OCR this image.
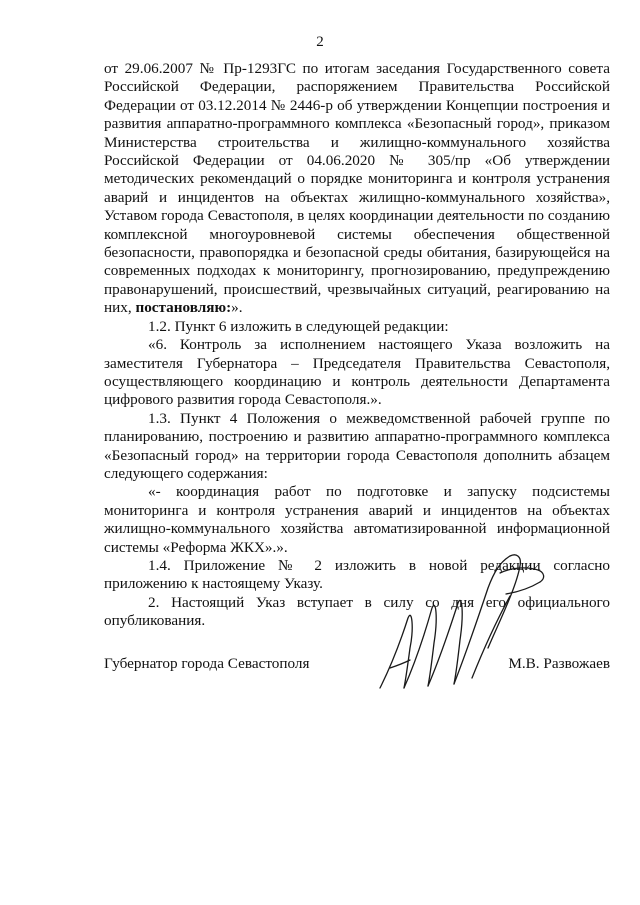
2

от 29.06.2007 № Пр-1293ГС по итогам заседания Государственного совета Российской Федерации, распоряжением Правительства Российской Федерации от 03.12.2014 № 2446-р об утверждении Концепции построения и развития аппаратно-программного комплекса «Безопасный город», приказом Министерства строительства и жилищно-коммунального хозяйства Российской Федерации от 04.06.2020 № 305/пр «Об утверждении методических рекомендаций о порядке мониторинга и контроля устранения аварий и инцидентов на объектах жилищно-коммунального хозяйства», Уставом города Севастополя, в целях координации деятельности по созданию комплексной многоуровневой системы обеспечения общественной безопасности, правопорядка и безопасной среды обитания, базирующейся на современных подходах к мониторингу, прогнозированию, предупреждению правонарушений, происшествий, чрезвычайных ситуаций, реагированию на них, постановляю:».

1.2. Пункт 6 изложить в следующей редакции:

«6. Контроль за исполнением настоящего Указа возложить на заместителя Губернатора – Председателя Правительства Севастополя, осуществляющего координацию и контроль деятельности Департамента цифрового развития города Севастополя.».

1.3. Пункт 4 Положения о межведомственной рабочей группе по планированию, построению и развитию аппаратно-программного комплекса «Безопасный город» на территории города Севастополя дополнить абзацем следующего содержания:

«- координация работ по подготовке и запуску подсистемы мониторинга и контроля устранения аварий и инцидентов на объектах жилищно-коммунального хозяйства автоматизированной информационной системы «Реформа ЖКХ».».

1.4. Приложение № 2 изложить в новой редакции согласно приложению к настоящему Указу.

2. Настоящий Указ вступает в силу со дня его официального опубликования.

Губернатор города Севастополя	М.В. Развожаев
